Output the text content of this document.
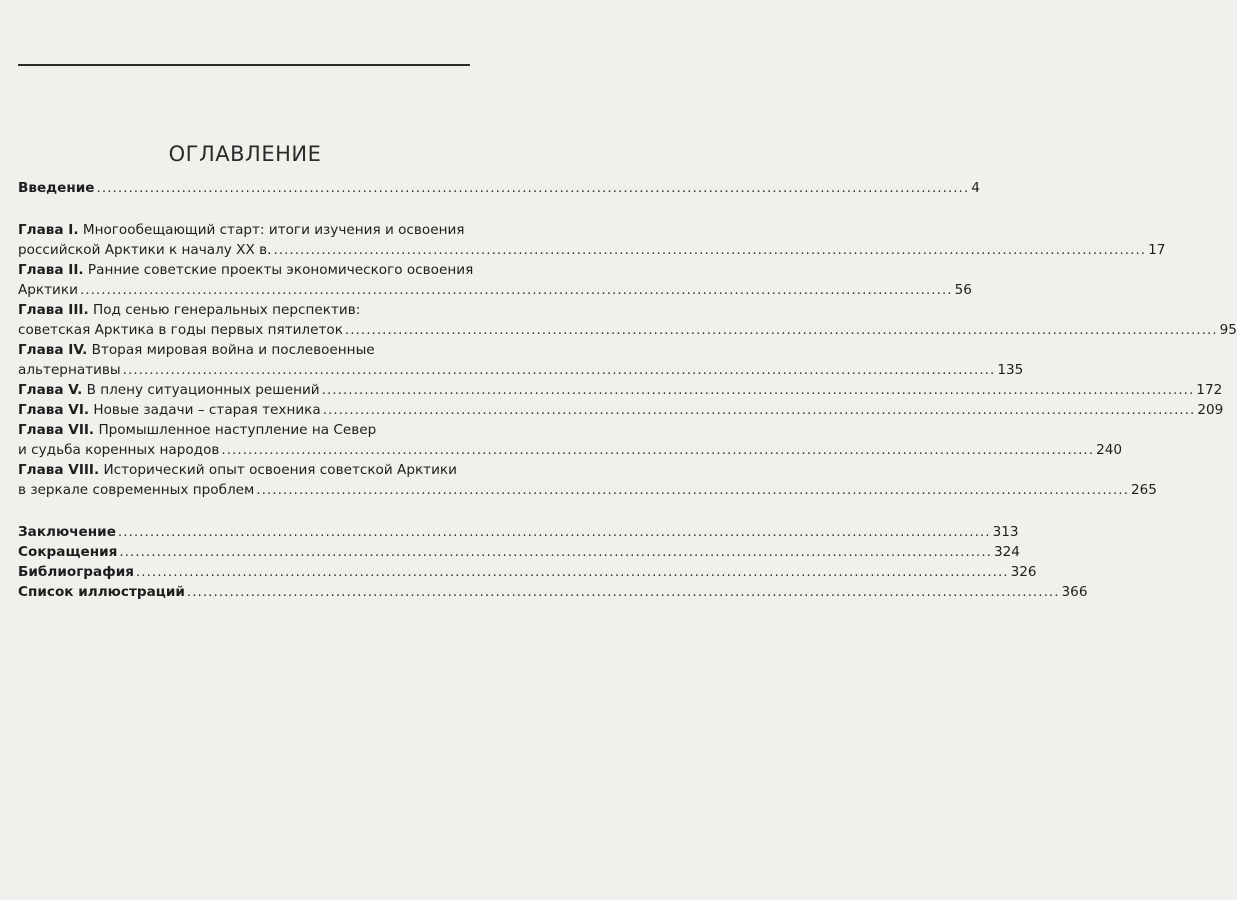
ОГЛАВЛЕНИЕ
Введение .................................................................................................................................................................... 4
Глава I. Многообещающий старт: итоги изучения и освоения
российской Арктики к началу XX в. .................................................................................................................................................................... 17
Глава II. Ранние советские проекты экономического освоения
Арктики .................................................................................................................................................................... 56
Глава III. Под сенью генеральных перспектив:
советская Арктика в годы первых пятилеток .................................................................................................................................................................... 95
Глава IV. Вторая мировая война и послевоенные
альтернативы .................................................................................................................................................................... 135
Глава V. В плену ситуационных решений .................................................................................................................................................................... 172
Глава VI. Новые задачи – старая техника .................................................................................................................................................................... 209
Глава VII. Промышленное наступление на Север
и судьба коренных народов .................................................................................................................................................................... 240
Глава VIII. Исторический опыт освоения советской Арктики
в зеркале современных проблем .................................................................................................................................................................... 265
Заключение .................................................................................................................................................................... 313
Сокращения .................................................................................................................................................................... 324
Библиография .................................................................................................................................................................... 326
Список иллюстраций .................................................................................................................................................................... 366
